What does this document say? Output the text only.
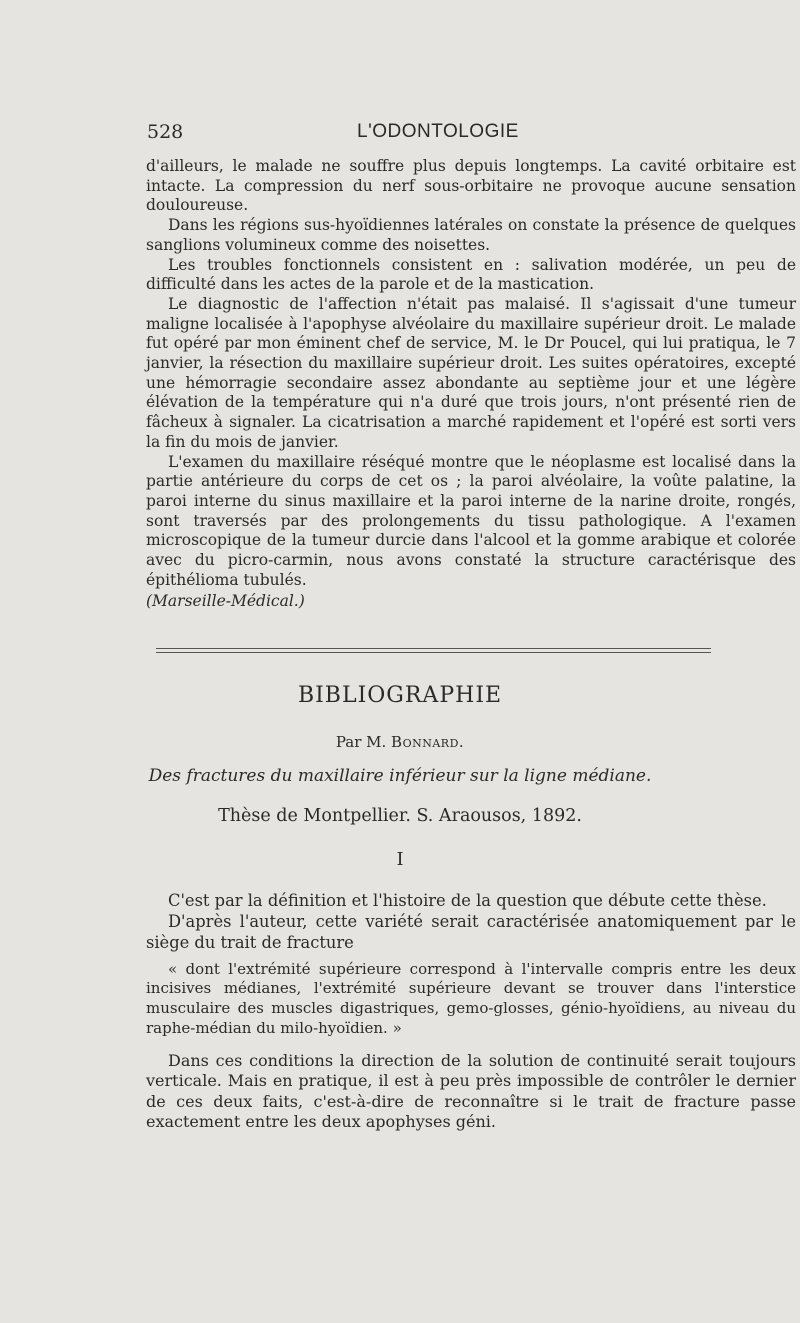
528	L'ODONTOLOGIE

d'ailleurs, le malade ne souffre plus depuis longtemps. La cavité orbitaire est intacte. La compression du nerf sous-orbitaire ne provoque aucune sensation douloureuse.

Dans les régions sus-hyoïdiennes latérales on constate la présence de quelques sanglions volumineux comme des noisettes.

Les troubles fonctionnels consistent en : salivation modérée, un peu de difficulté dans les actes de la parole et de la mastication.

Le diagnostic de l'affection n'était pas malaisé. Il s'agissait d'une tumeur maligne localisée à l'apophyse alvéolaire du maxillaire supérieur droit. Le malade fut opéré par mon éminent chef de service, M. le Dr Poucel, qui lui pratiqua, le 7 janvier, la résection du maxillaire supérieur droit. Les suites opératoires, excepté une hémorragie secondaire assez abondante au septième jour et une légère élévation de la température qui n'a duré que trois jours, n'ont présenté rien de fâcheux à signaler. La cicatrisation a marché rapidement et l'opéré est sorti vers la fin du mois de janvier.

L'examen du maxillaire réséqué montre que le néoplasme est localisé dans la partie antérieure du corps de cet os ; la paroi alvéolaire, la voûte palatine, la paroi interne du sinus maxillaire et la paroi interne de la narine droite, rongés, sont traversés par des prolongements du tissu pathologique. A l'examen microscopique de la tumeur durcie dans l'alcool et la gomme arabique et colorée avec du picro-carmin, nous avons constaté la structure caractérisque des épithélioma tubulés.

(Marseille-Médical.)

BIBLIOGRAPHIE
Par M. Bonnard.
Des fractures du maxillaire inférieur sur la ligne médiane.
Thèse de Montpellier. S. Araousos, 1892.
I

C'est par la définition et l'histoire de la question que débute cette thèse.

D'après l'auteur, cette variété serait caractérisée anatomiquement par le siège du trait de fracture

« dont l'extrémité supérieure correspond à l'intervalle compris entre les deux incisives médianes, l'extrémité supérieure devant se trouver dans l'interstice musculaire des muscles digastriques, gemo-glosses, génio-hyoïdiens, au niveau du raphe-médian du milo-hyoïdien. »

Dans ces conditions la direction de la solution de continuité serait toujours verticale. Mais en pratique, il est à peu près impossible de contrôler le dernier de ces deux faits, c'est-à-dire de reconnaître si le trait de fracture passe exactement entre les deux apophyses géni.
